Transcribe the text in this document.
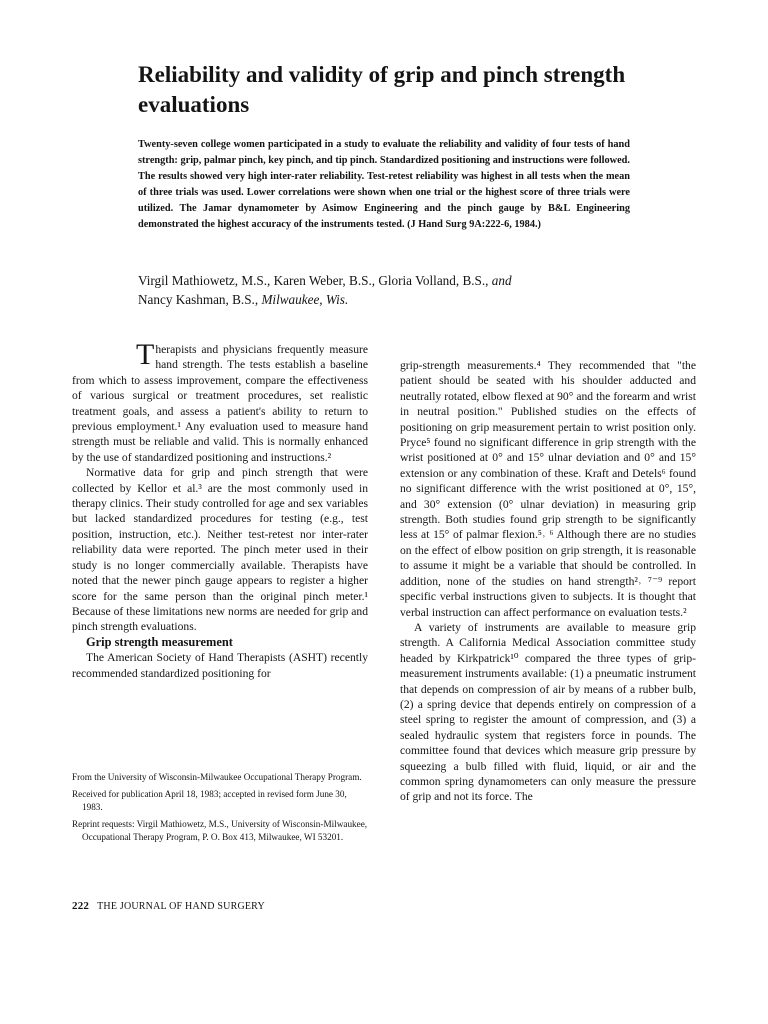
Reliability and validity of grip and pinch strength evaluations

Twenty-seven college women participated in a study to evaluate the reliability and validity of four tests of hand strength: grip, palmar pinch, key pinch, and tip pinch. Standardized positioning and instructions were followed. The results showed very high inter-rater reliability. Test-retest reliability was highest in all tests when the mean of three trials was used. Lower correlations were shown when one trial or the highest score of three trials were utilized. The Jamar dynamometer by Asimow Engineering and the pinch gauge by B&L Engineering demonstrated the highest accuracy of the instruments tested. (J Hand Surg 9A:222-6, 1984.)

Virgil Mathiowetz, M.S., Karen Weber, B.S., Gloria Volland, B.S., and
Nancy Kashman, B.S., Milwaukee, Wis.

Therapists and physicians frequently measure hand strength. The tests establish a baseline from which to assess improvement, compare the effectiveness of various surgical or treatment procedures, set realistic treatment goals, and assess a patient's ability to return to previous employment.¹ Any evaluation used to measure hand strength must be reliable and valid. This is normally enhanced by the use of standardized positioning and instructions.²

Normative data for grip and pinch strength that were collected by Kellor et al.³ are the most commonly used in therapy clinics. Their study controlled for age and sex variables but lacked standardized procedures for testing (e.g., test position, instruction, etc.). Neither test-retest nor inter-rater reliability data were reported. The pinch meter used in their study is no longer commercially available. Therapists have noted that the newer pinch gauge appears to register a higher score for the same person than the original pinch meter.¹ Because of these limitations new norms are needed for grip and pinch strength evaluations.

Grip strength measurement

The American Society of Hand Therapists (ASHT) recently recommended standardized positioning for

From the University of Wisconsin-Milwaukee Occupational Therapy Program.

Received for publication April 18, 1983; accepted in revised form June 30, 1983.

Reprint requests: Virgil Mathiowetz, M.S., University of Wisconsin-Milwaukee, Occupational Therapy Program, P. O. Box 413, Milwaukee, WI 53201.

grip-strength measurements.⁴ They recommended that "the patient should be seated with his shoulder adducted and neutrally rotated, elbow flexed at 90° and the forearm and wrist in neutral position." Published studies on the effects of positioning on grip measurement pertain to wrist position only. Pryce⁵ found no significant difference in grip strength with the wrist positioned at 0° and 15° ulnar deviation and 0° and 15° extension or any combination of these. Kraft and Detels⁶ found no significant difference with the wrist positioned at 0°, 15°, and 30° extension (0° ulnar deviation) in measuring grip strength. Both studies found grip strength to be significantly less at 15° of palmar flexion.⁵˒ ⁶ Although there are no studies on the effect of elbow position on grip strength, it is reasonable to assume it might be a variable that should be controlled. In addition, none of the studies on hand strength²˒ ⁷⁻⁹ report specific verbal instructions given to subjects. It is thought that verbal instruction can affect performance on evaluation tests.²

A variety of instruments are available to measure grip strength. A California Medical Association committee study headed by Kirkpatrick¹⁰ compared the three types of grip-measurement instruments available: (1) a pneumatic instrument that depends on compression of air by means of a rubber bulb, (2) a spring device that depends entirely on compression of a steel spring to register the amount of compression, and (3) a sealed hydraulic system that registers force in pounds. The committee found that devices which measure grip pressure by squeezing a bulb filled with fluid, liquid, or air and the common spring dynamometers can only measure the pressure of grip and not its force. The

222 THE JOURNAL OF HAND SURGERY
